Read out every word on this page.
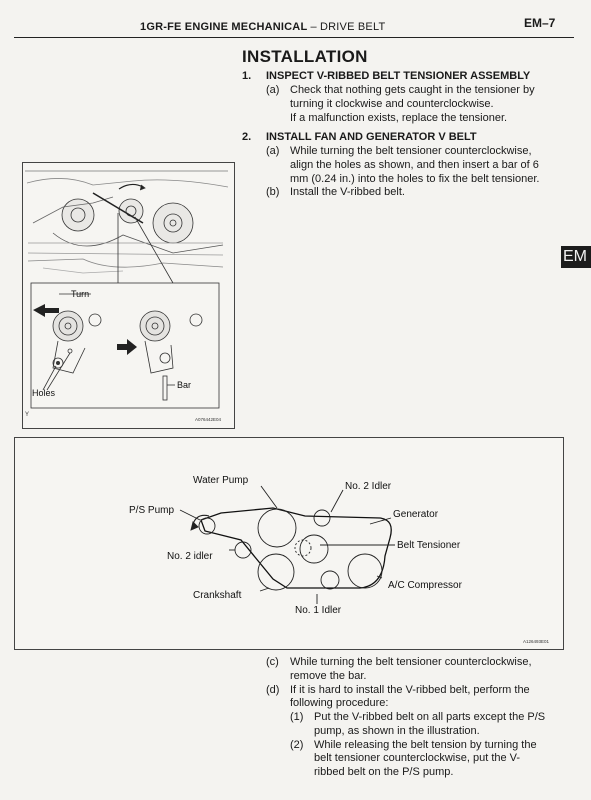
1GR-FE ENGINE MECHANICAL – DRIVE BELT	EM–7
INSTALLATION
1. INSPECT V-RIBBED BELT TENSIONER ASSEMBLY
(a) Check that nothing gets caught in the tensioner by
turning it clockwise and counterclockwise.
If a malfunction exists, replace the tensioner.
2. INSTALL FAN AND GENERATOR V BELT
(a) While turning the belt tensioner counterclockwise,
align the holes as shown, and then insert a bar of 6
mm (0.24 in.) into the holes to fix the belt tensioner.
(b) Install the V-ribbed belt.
EM
Turn
Holes
Bar
Y
A076442E04
Water Pump
No. 2 Idler
P/S Pump	Generator
Belt Tensioner
No. 2 idler
A/C Compressor
Crankshaft
No. 1 Idler
A126493E01
(c) While turning the belt tensioner counterclockwise,
remove the bar.
(d) If it is hard to install the V-ribbed belt, perform the
following procedure:
(1) Put the V-ribbed belt on all parts except the P/S
pump, as shown in the illustration.
(2) While releasing the belt tension by turning the
belt tensioner counterclockwise, put the V-
ribbed belt on the P/S pump.
